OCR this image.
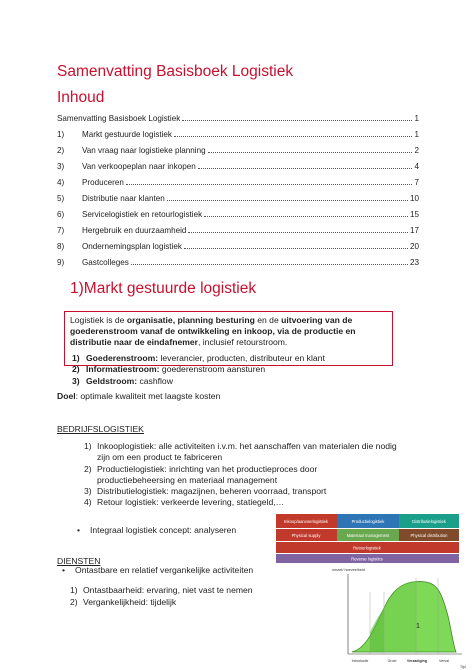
Samenvatting Basisboek Logistiek
Inhoud
Samenvatting Basisboek Logistiek	1
1)	Markt gestuurde logistiek	1
2)	Van vraag naar logistieke planning	2
3)	Van verkoopeplan naar inkopen	4
4)	Produceren	7
5)	Distributie naar klanten	10
6)	Servicelogistiek en retourlogistiek	15
7)	Hergebruik en duurzaamheid	17
8)	Ondernemingsplan logistiek	20
9)	Gastcolleges	23
1)Markt gestuurde logistiek
Logistiek is de organisatie, planning besturing en de uitvoering van de goederenstroom vanaf de ontwikkeling en inkoop, via de productie en distributie naar de eindafnemer, inclusief retourstroom.
1) Goederenstroom: leverancier, producten, distributeur en klant
2) Informatiestroom: goederenstroom aansturen
3) Geldstroom: cashflow
Doel: optimale kwaliteit met laagste kosten
BEDRIJFSLOGISTIEK
1) Inkooplogistiek: alle activiteiten i.v.m. het aanschaffen van materialen die nodig zijn om een product te fabriceren
2) Productielogistiek: inrichting van het productieproces door productiebeheersing en materiaal management
3) Distributielogistiek: magazijnen, beheren voorraad, transport
4) Retour logistiek: verkeerde levering, statiegeld,…
• Integraal logistiek concept: analyseren
DIENSTEN
• Ontastbare en relatief vergankelijke activiteiten
1) Ontastbaarheid: ervaring, niet vast te nemen
2) Vergankelijkheid: tijdelijk
Inkoop/aanvoerlogistiek	Productielogistiek	Distributielogistiek
Physical supply	Materiaal management	Physical distribution
Retourlogistiek
Reverse logistics
omzet/ hoeveelheid
1
Introductie	Groei	Verzadiging	Verval
Tijd
